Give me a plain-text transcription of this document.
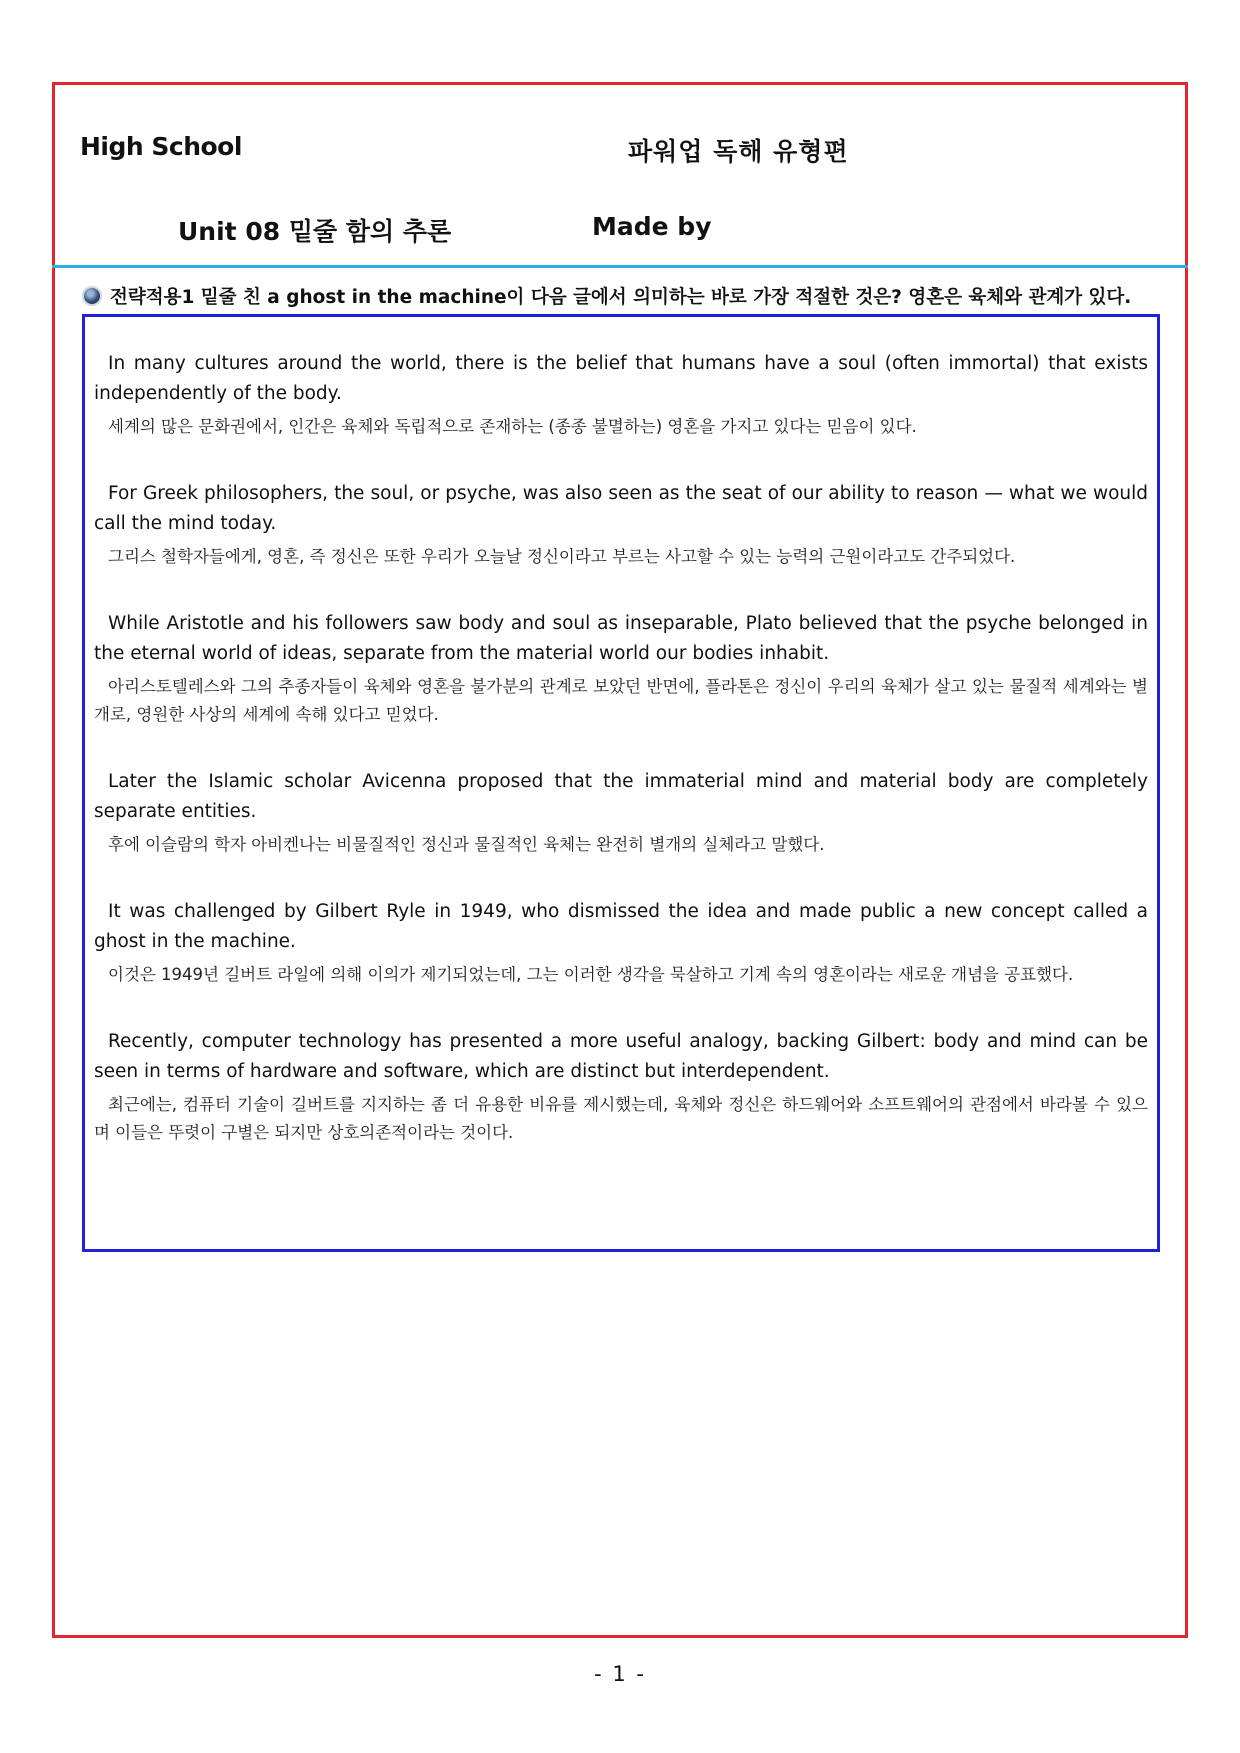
High School	파워업 독해 유형편
Unit 08 밑줄 함의 추론	Made by
전략적용1 밑줄 친 a ghost in the machine이 다음 글에서 의미하는 바로 가장 적절한 것은? 영혼은 육체와 관계가 있다.

In many cultures around the world, there is the belief that humans have a soul (often immortal) that exists independently of the body.

세계의 많은 문화권에서, 인간은 육체와 독립적으로 존재하는 (종종 불멸하는) 영혼을 가지고 있다는 믿음이 있다.

For Greek philosophers, the soul, or psyche, was also seen as the seat of our ability to reason — what we would call the mind today.

그리스 철학자들에게, 영혼, 즉 정신은 또한 우리가 오늘날 정신이라고 부르는 사고할 수 있는 능력의 근원이라고도 간주되었다.

While Aristotle and his followers saw body and soul as inseparable, Plato believed that the psyche belonged in the eternal world of ideas, separate from the material world our bodies inhabit.

아리스토텔레스와 그의 추종자들이 육체와 영혼을 불가분의 관계로 보았던 반면에, 플라톤은 정신이 우리의 육체가 살고 있는 물질적 세계와는 별개로, 영원한 사상의 세계에 속해 있다고 믿었다.

Later the Islamic scholar Avicenna proposed that the immaterial mind and material body are completely separate entities.

후에 이슬람의 학자 아비켄나는 비물질적인 정신과 물질적인 육체는 완전히 별개의 실체라고 말했다.

It was challenged by Gilbert Ryle in 1949, who dismissed the idea and made public a new concept called a ghost in the machine.

이것은 1949년 길버트 라일에 의해 이의가 제기되었는데, 그는 이러한 생각을 묵살하고 기계 속의 영혼이라는 새로운 개념을 공표했다.

Recently, computer technology has presented a more useful analogy, backing Gilbert: body and mind can be seen in terms of hardware and software, which are distinct but interdependent.

최근에는, 컴퓨터 기술이 길버트를 지지하는 좀 더 유용한 비유를 제시했는데, 육체와 정신은 하드웨어와 소프트웨어의 관점에서 바라볼 수 있으며 이들은 뚜렷이 구별은 되지만 상호의존적이라는 것이다.

- 1 -
